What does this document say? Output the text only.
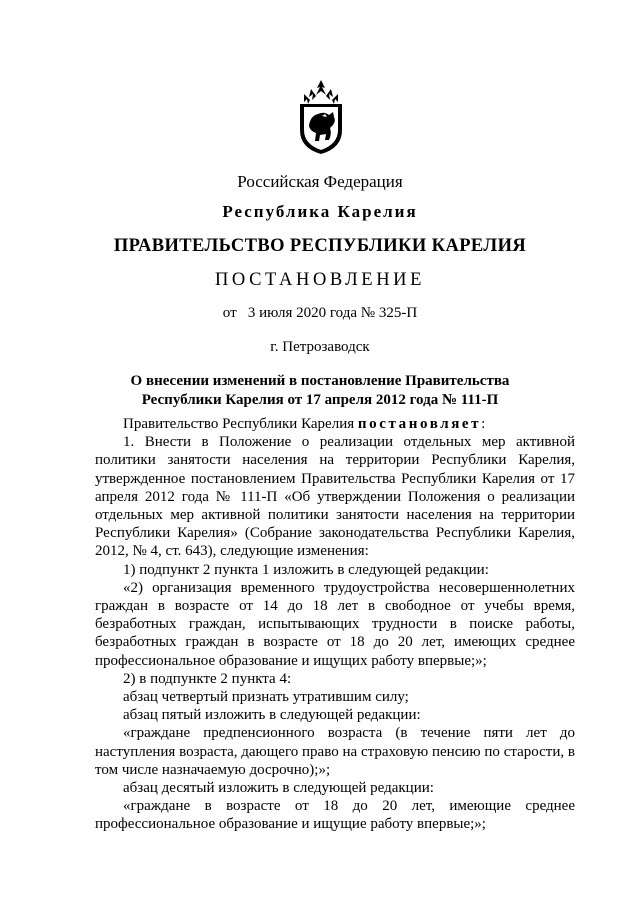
Российская Федерация
Республика Карелия
ПРАВИТЕЛЬСТВО РЕСПУБЛИКИ КАРЕЛИЯ
ПОСТАНОВЛЕНИЕ
от   3 июля 2020 года № 325-П
г. Петрозаводск
О внесении изменений в постановление Правительства
Республики Карелия от 17 апреля 2012 года № 111-П

Правительство Республики Карелия постановляет:

1. Внести в Положение о реализации отдельных мер активной политики занятости населения на территории Республики Карелия, утвержденное постановлением Правительства Республики Карелия от 17 апреля 2012 года № 111-П «Об утверждении Положения о реализации отдельных мер активной политики занятости населения на территории Республики Карелия» (Собрание законодательства Республики Карелия, 2012, № 4, ст. 643), следующие изменения:

1) подпункт 2 пункта 1 изложить в следующей редакции:

«2) организация временного трудоустройства несовершеннолетних граждан в возрасте от 14 до 18 лет в свободное от учебы время, безработных граждан, испытывающих трудности в поиске работы, безработных граждан в возрасте от 18 до 20 лет, имеющих среднее профессиональное образование и ищущих работу впервые;»;

2) в подпункте 2 пункта 4:

абзац четвертый признать утратившим силу;

абзац пятый изложить в следующей редакции:

«граждане предпенсионного возраста (в течение пяти лет до наступления возраста, дающего право на страховую пенсию по старости, в том числе назначаемую досрочно);»;

абзац десятый изложить в следующей редакции:

«граждане в возрасте от 18 до 20 лет, имеющие среднее профессиональное образование и ищущие работу впервые;»;
